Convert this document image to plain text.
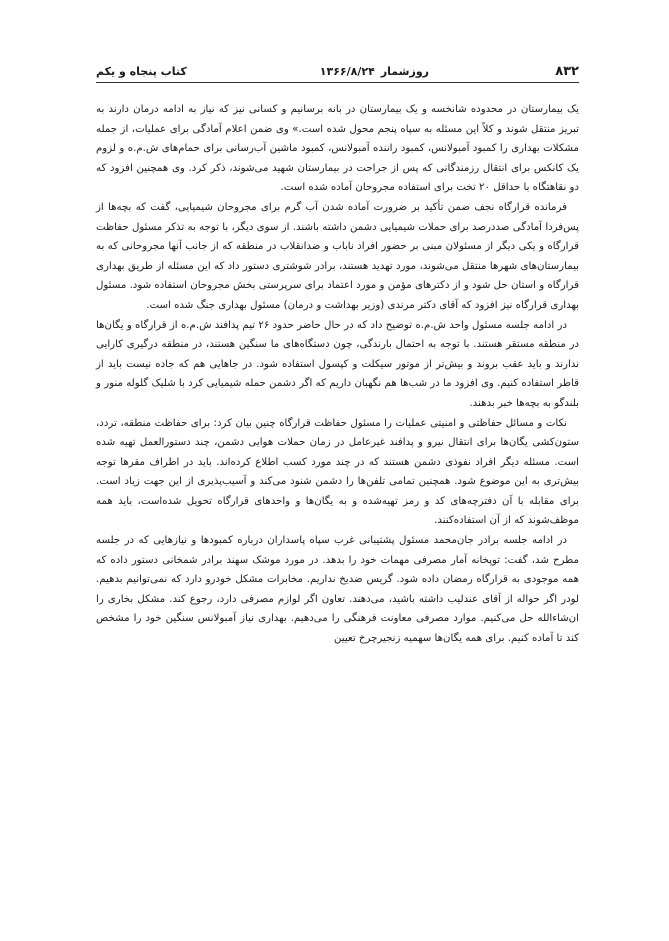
۸۳۲
روزشمار۱۳۶۶/۸/۲۴
کتاب پنجاه و یکم

یک بیمارستان در محدوده شانخسه و یک بیمارستان در بانه برسانیم و کسانی نیز که نیاز به ادامه درمان دارند به تبریز منتقل شوند و کلاً این مسئله به سپاه پنجم محول شده است.» وی ضمن اعلام آمادگی برای عملیات، از جمله مشکلات بهداری را کمبود آمبولانس، کمبود راننده آمبولانس، کمبود ماشین آب‌رسانی برای حمام‌های ش.م.ه و لزوم یک کانکس برای انتقال رزمندگانی که پس از جراحت در بیمارستان شهید می‌شوند، ذکر کرد. وی همچنین افزود که دو نقاهتگاه با حداقل ۲۰ تخت برای استفاده مجروحان آماده شده است.

فرمانده قرارگاه نجف ضمن تأکید بر ضرورت آماده شدن آب گرم برای مجروحان شیمیایی، گفت که بچه‌ها از پس‌فردا آمادگی صددرصد برای حملات شیمیایی دشمن داشته باشند. از سوی دیگر، با توجه به تذکر مسئول حفاظت قرارگاه و یکی دیگر از مسئولان مبنی بر حضور افراد ناباب و ضدانقلاب در منطقه که از جانب آنها مجروحانی که به بیمارستان‌های شهرها منتقل می‌شوند، مورد تهدید هستند، برادر شوشتری دستور داد که این مسئله از طریق بهداری قرارگاه و استان حل شود و از دکترهای مؤمن و مورد اعتماد برای سرپرستی بخش مجروحان استفاده شود. مسئول بهداری قرارگاه نیز افزود که آقای دکتر مرندی (وزیر بهداشت و درمان) مسئول بهداری جنگ شده است.

در ادامه جلسه مسئول واحد ش.م.ه توضیح داد که در حال حاضر حدود ۲۶ تیم پدافند ش.م.ه از قرارگاه و یگان‌ها در منطقه مستقر هستند. با توجه به احتمال بارندگی، چون دستگاه‌های ما سنگین هستند، در منطقه درگیری کارایی ندارند و باید عقب بروند و بیش‌تر از موتور سیکلت و کپسول استفاده شود. در جاهایی هم که جاده نیست باید از قاطر استفاده کنیم. وی افزود ما در شب‌ها هم نگهبان داریم که اگر دشمن حمله شیمیایی کرد با شلیک گلوله منور و بلندگو به بچه‌ها خبر بدهند.

نکات و مسائل حفاظتی و امنیتی عملیات را مسئول حفاظت قرارگاه چنین بیان کرد: برای حفاظت منطقه، تردد، ستون‌کشی یگان‌ها برای انتقال نیرو و پدافند غیرعامل در زمان حملات هوایی دشمن، چند دستورالعمل تهیه شده است. مسئله دیگر افراد نفوذی دشمن هستند که در چند مورد کسب اطلاع کرده‌اند. باید در اطراف مقرها توجه بیش‌تری به این موضوع شود. همچنین تمامی تلفن‌ها را دشمن شنود می‌کند و آسیب‌پذیری از این جهت زیاد است. برای مقابله با آن دفترچه‌های کد و رمز تهیه‌شده و به یگان‌ها و واحدهای قرارگاه تحویل شده‌است، باید همه موظف‌شوند که از آن استفاده‌کنند.

در ادامه جلسه برادر جان‌محمد مسئول پشتیبانی غرب سپاه پاسداران درباره کمبودها و نیازهایی که در جلسه مطرح شد، گفت: توپخانه آمار مصرفی مهمات خود را بدهد. در مورد موشک سهند برادر شمخانی دستور داده که همه موجودی به قرارگاه رمضان داده شود. گریس ضدیخ نداریم. مخابرات مشکل خودرو دارد که نمی‌توانیم بدهیم. لودر اگر حواله از آقای عندلیب داشته باشید، می‌دهند. تعاون اگر لوازم مصرفی دارد، رجوع کند. مشکل بخاری را ان‌شاءالله حل می‌کنیم. موارد مصرفی معاونت فرهنگی را می‌دهیم. بهداری نیاز آمبولانس سنگین خود را مشخص کند تا آماده کنیم. برای همه یگان‌ها سهمیه زنجیرچرخ تعیین
